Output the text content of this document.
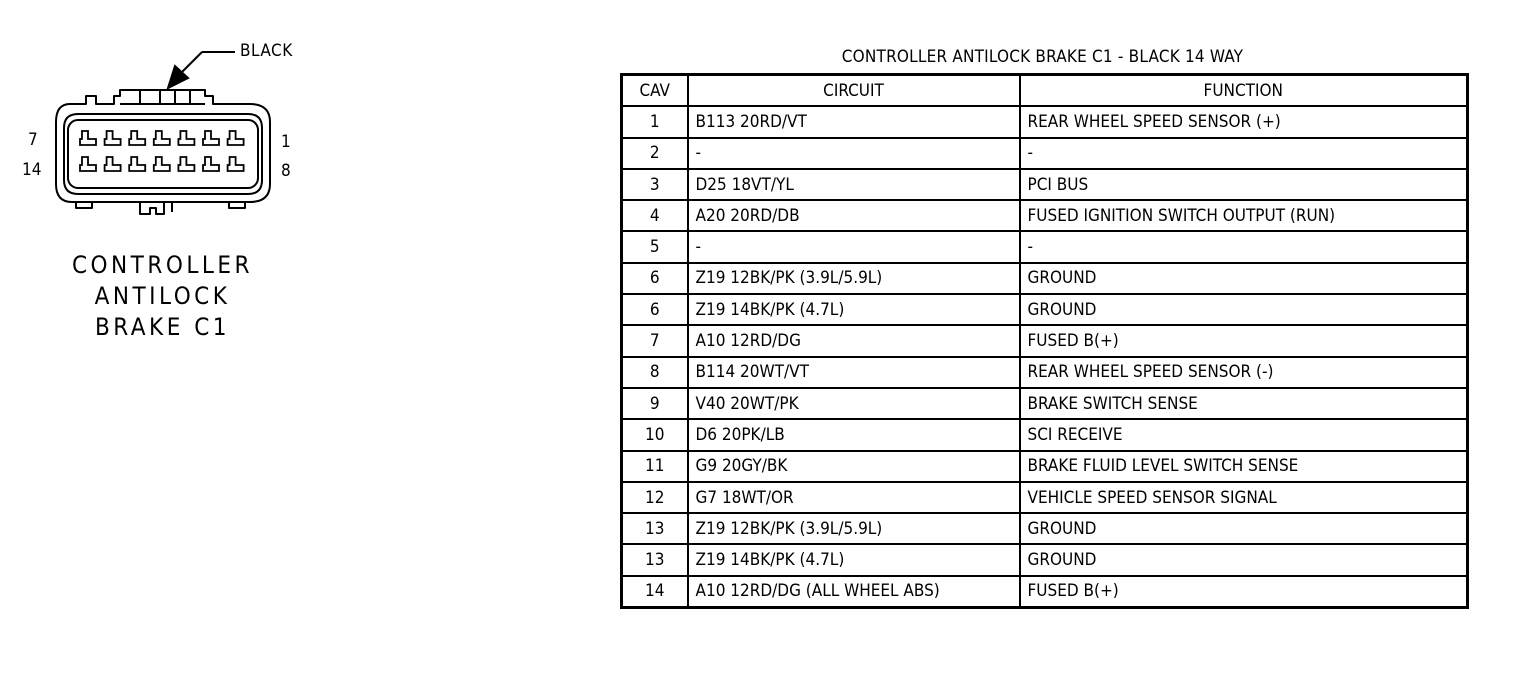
7	1
14	8
BLACK
CONTROLLER
ANTILOCK
BRAKE C1
CONTROLLER ANTILOCK BRAKE C1 - BLACK 14 WAY
CAV	CIRCUIT	FUNCTION
1	B113 20RD/VT	REAR WHEEL SPEED SENSOR (+)
2	-	-
3	D25 18VT/YL	PCI BUS
4	A20 20RD/DB	FUSED IGNITION SWITCH OUTPUT (RUN)
5	-	-
6	Z19 12BK/PK (3.9L/5.9L)	GROUND
6	Z19 14BK/PK (4.7L)	GROUND
7	A10 12RD/DG	FUSED B(+)
8	B114 20WT/VT	REAR WHEEL SPEED SENSOR (-)
9	V40 20WT/PK	BRAKE SWITCH SENSE
10	D6 20PK/LB	SCI RECEIVE
11	G9 20GY/BK	BRAKE FLUID LEVEL SWITCH SENSE
12	G7 18WT/OR	VEHICLE SPEED SENSOR SIGNAL
13	Z19 12BK/PK (3.9L/5.9L)	GROUND
13	Z19 14BK/PK (4.7L)	GROUND
14	A10 12RD/DG (ALL WHEEL ABS)	FUSED B(+)
